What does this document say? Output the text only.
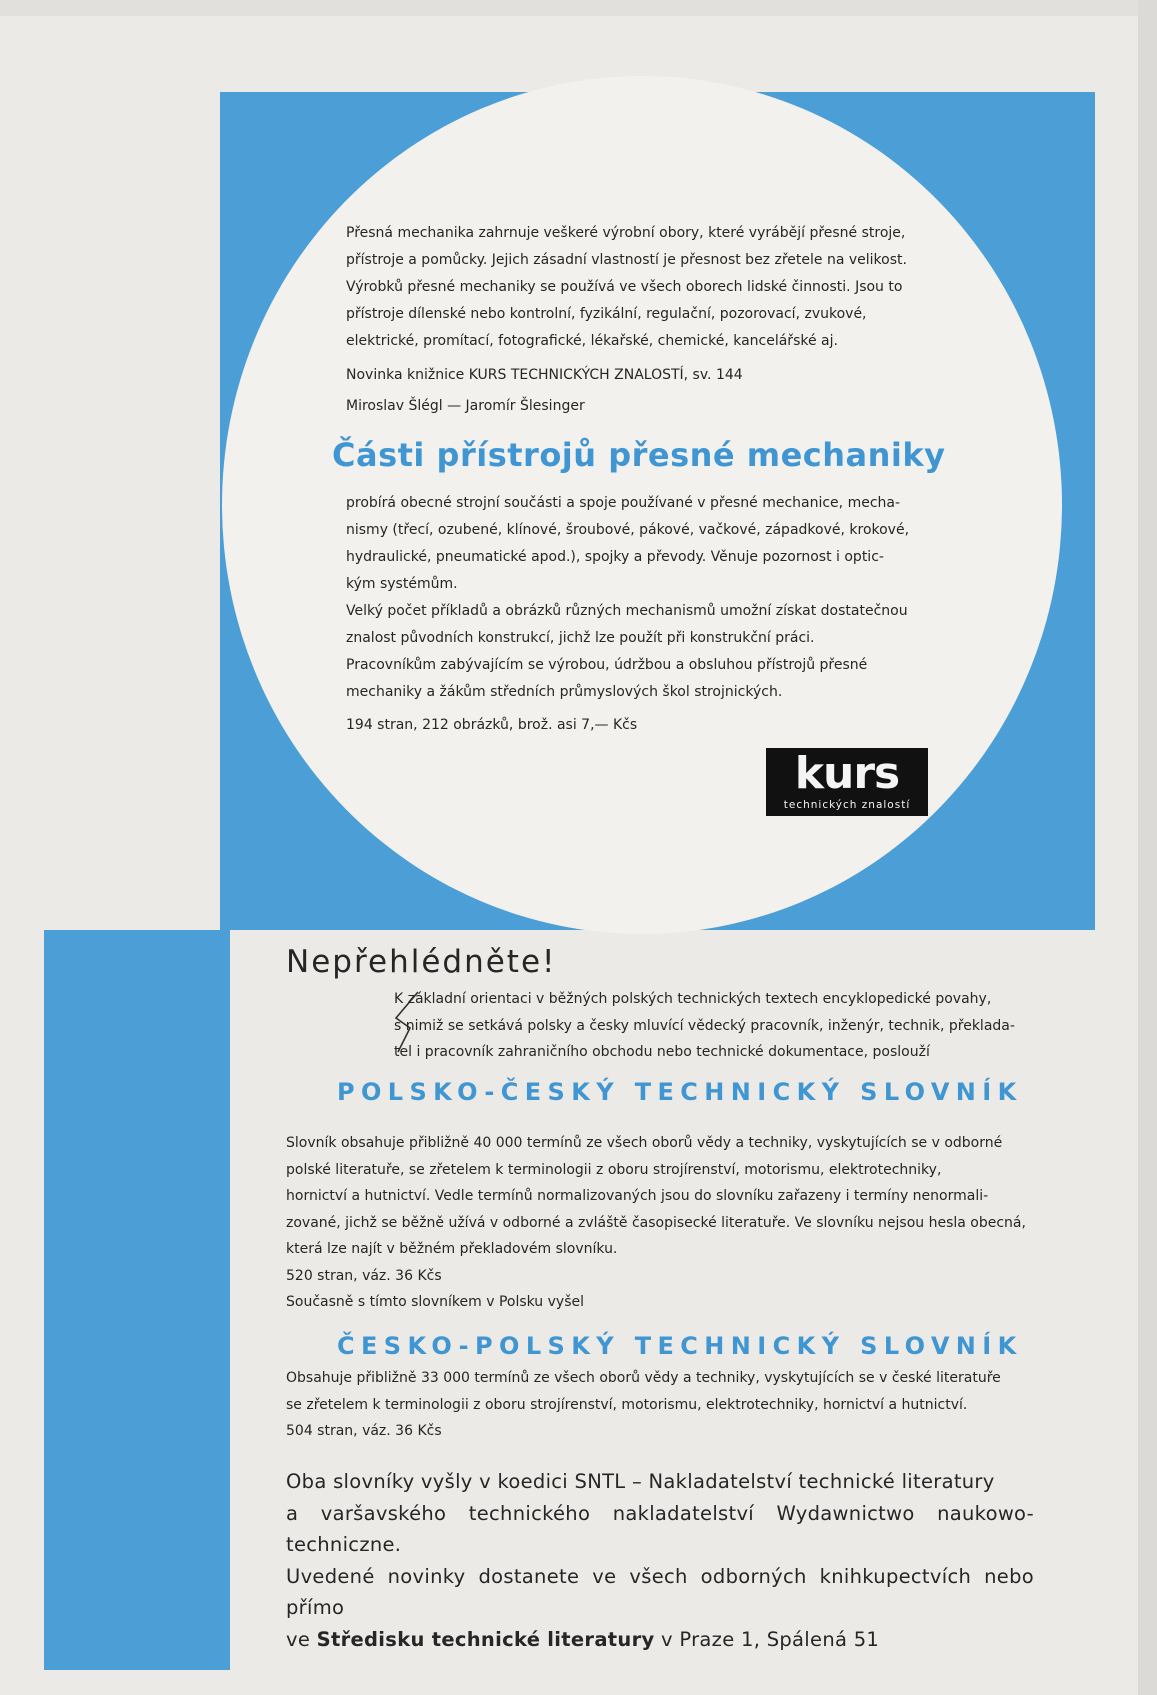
Přesná mechanika zahrnuje veškeré výrobní obory, které vyrábějí přesné stroje,
přístroje a pomůcky. Jejich zásadní vlastností je přesnost bez zřetele na velikost.
Výrobků přesné mechaniky se používá ve všech oborech lidské činnosti. Jsou to
přístroje dílenské nebo kontrolní, fyzikální, regulační, pozorovací, zvukové,
elektrické, promítací, fotografické, lékařské, chemické, kancelářské aj.
Novinka knižnice KURS TECHNICKÝCH ZNALOSTÍ, sv. 144
Miroslav Šlégl — Jaromír Šlesinger
Části přístrojů přesné mechaniky
probírá obecné strojní součásti a spoje používané v přesné mechanice, mecha-
nismy (třecí, ozubené, klínové, šroubové, pákové, vačkové, západkové, krokové,
hydraulické, pneumatické apod.), spojky a převody. Věnuje pozornost i optic-
kým systémům.
Velký počet příkladů a obrázků různých mechanismů umožní získat dostatečnou
znalost původních konstrukcí, jichž lze použít při konstrukční práci.
Pracovníkům zabývajícím se výrobou, údržbou a obsluhou přístrojů přesné
mechaniky a žákům středních průmyslových škol strojnických.
194 stran, 212 obrázků, brož. asi 7,— Kčs
kurs
technických znalostí
Nepřehlédněte!
K základní orientaci v běžných polských technických textech encyklopedické povahy,
s nimiž se setkává polsky a česky mluvící vědecký pracovník, inženýr, technik, překlada-
tel i pracovník zahraničního obchodu nebo technické dokumentace, poslouží
POLSKO-ČESKÝ TECHNICKÝ SLOVNÍK
Slovník obsahuje přibližně 40 000 termínů ze všech oborů vědy a techniky, vyskytujících se v odborné
polské literatuře, se zřetelem k terminologii z oboru strojírenství, motorismu, elektrotechniky,
hornictví a hutnictví. Vedle termínů normalizovaných jsou do slovníku zařazeny i termíny nenormali-
zované, jichž se běžně užívá v odborné a zvláště časopisecké literatuře. Ve slovníku nejsou hesla obecná,
která lze najít v běžném překladovém slovníku.
520 stran, váz. 36 Kčs
Současně s tímto slovníkem v Polsku vyšel
ČESKO-POLSKÝ TECHNICKÝ SLOVNÍK
Obsahuje přibližně 33 000 termínů ze všech oborů vědy a techniky, vyskytujících se v české literatuře
se zřetelem k terminologii z oboru strojírenství, motorismu, elektrotechniky, hornictví a hutnictví.
504 stran, váz. 36 Kčs
Oba slovníky vyšly v koedici SNTL – Nakladatelství technické literatury
a varšavského technického nakladatelství Wydawnictwo naukowo-techniczne.
Uvedené novinky dostanete ve všech odborných knihkupectvích nebo přímo
ve Středisku technické literatury v Praze 1, Spálená 51
